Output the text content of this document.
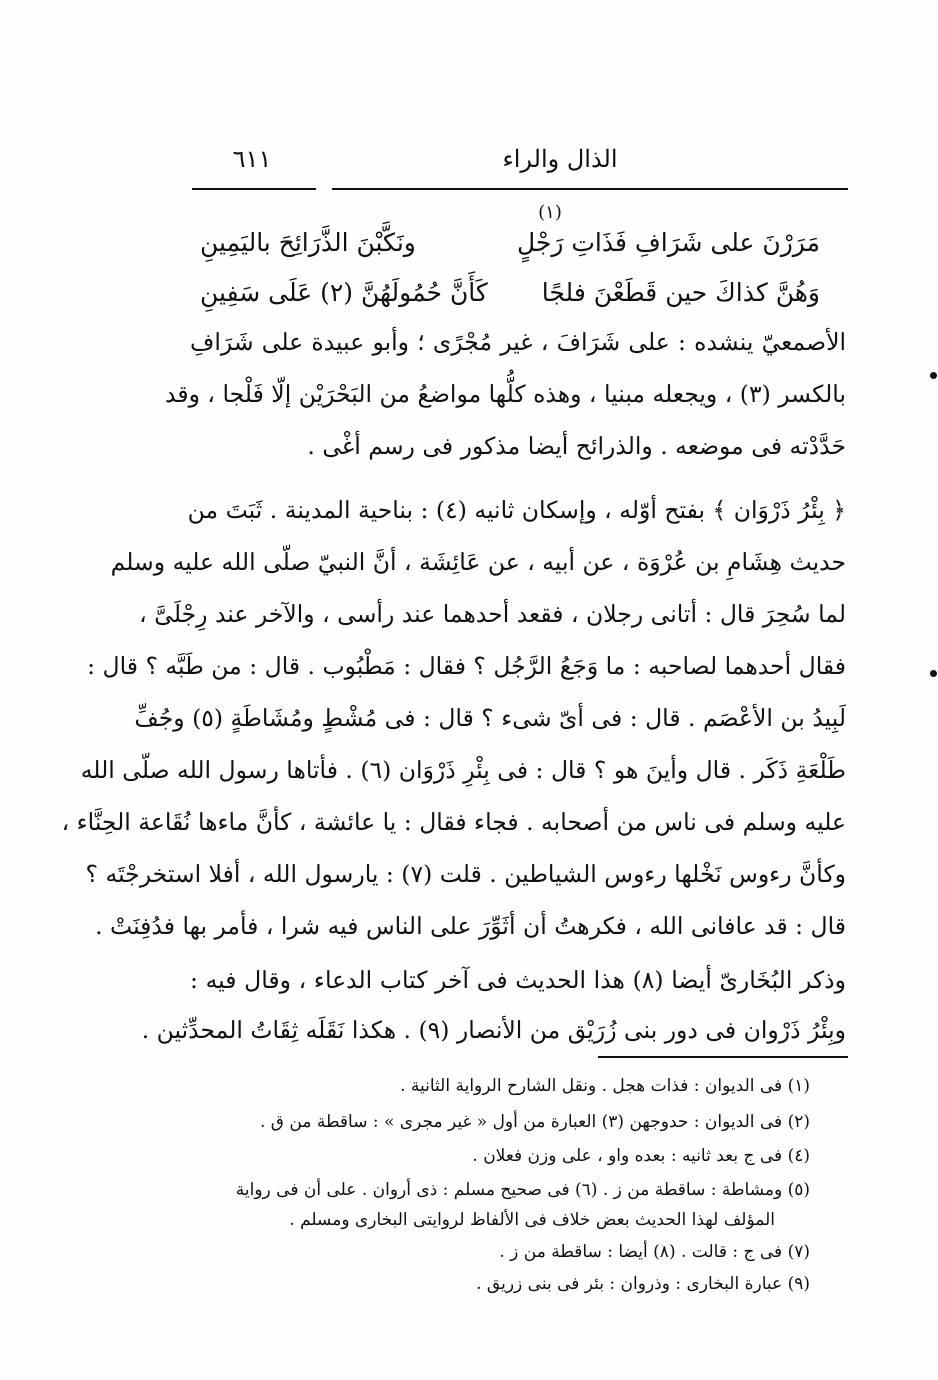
الذال والراء
٦١١
(١)
مَرَرْنَ على شَرَافِ فَذَاتِ رَجْلٍ
ونَكَّبْنَ الذَّرَائِحَ باليَمِينِ
وَهُنَّ كذاكَ حين قَطَعْنَ فلجًا
كَأَنَّ حُمُولَهُنَّ (٢) عَلَى سَفِينِ
الأصمعيّ ينشده : على شَرَافَ ، غير مُجْرًى ؛ وأبو عبيدة على شَرَافِ
بالكسر (٣) ، ويجعله مبنيا ، وهذه كلُّها مواضعُ من البَحْرَيْن إلّا فَلْجا ، وقد
حَدَّدْته فى موضعه . والذرائح أيضا مذكور فى رسم أغْى .
﴿ بِئْرُ ذَرْوَان ﴾ بفتح أوّله ، وإسكان ثانيه (٤) : بناحية المدينة . ثَبَتَ من
حديث هِشَامِ بن عُرْوَة ، عن أبيه ، عن عَائِشَة ، أنَّ النبيّ صلّى الله عليه وسلم
لما سُحِرَ قال : أتانى رجلان ، فقعد أحدهما عند رأسى ، والآخر عند رِجْلَىَّ ،
فقال أحدهما لصاحبه : ما وَجَعُ الرَّجُل ؟ فقال : مَطْبُوب . قال : من طَبَّه ؟ قال :
لَبِيدُ بن الأعْصَم . قال : فى أىّ شىء ؟ قال : فى مُشْطٍ ومُشَاطَةٍ (٥) وجُفِّ
طَلْعَةِ ذَكَر . قال وأينَ هو ؟ قال : فى بِئْرِ ذَرْوَان (٦) . فأتاها رسول الله صلّى الله
عليه وسلم فى ناس من أصحابه . فجاء فقال : يا عائشة ، كأنَّ ماءها نُقَاعة الحِنَّاء ،
وكأنَّ رءوس نَخْلها رءوس الشياطين . قلت (٧) : يارسول الله ، أفلا استخرجْتَه ؟
قال : قد عافانى الله ، فكرهتُ أن أثَوِّرَ على الناس فيه شرا ، فأمر بها فدُفِنَتْ .
وذكر البُخَارىّ أيضا (٨) هذا الحديث فى آخر كتاب الدعاء ، وقال فيه :
وبِئْرُ ذَرْوان فى دور بنى زُرَيْق من الأنصار (٩) . هكذا نَقَلَه ثِقَاتُ المحدِّثين .
(١) فى الديوان : فذات هجل . ونقل الشارح الرواية الثانية .
(٢) فى الديوان : حدوجهن (٣) العبارة من أول « غير مجرى » : ساقطة من ق .
(٤) فى ج بعد ثانيه : بعده واو ، على وزن فعلان .
(٥) ومشاطة : ساقطة من ز . (٦) فى صحيح مسلم : ذى أروان . على أن فى رواية
المؤلف لهذا الحديث بعض خلاف فى الألفاظ لروايتى البخارى ومسلم .
(٧) فى ج : قالت . (٨) أيضا : ساقطة من ز .
(٩) عبارة البخارى : وذروان : بئر فى بنى زريق .
